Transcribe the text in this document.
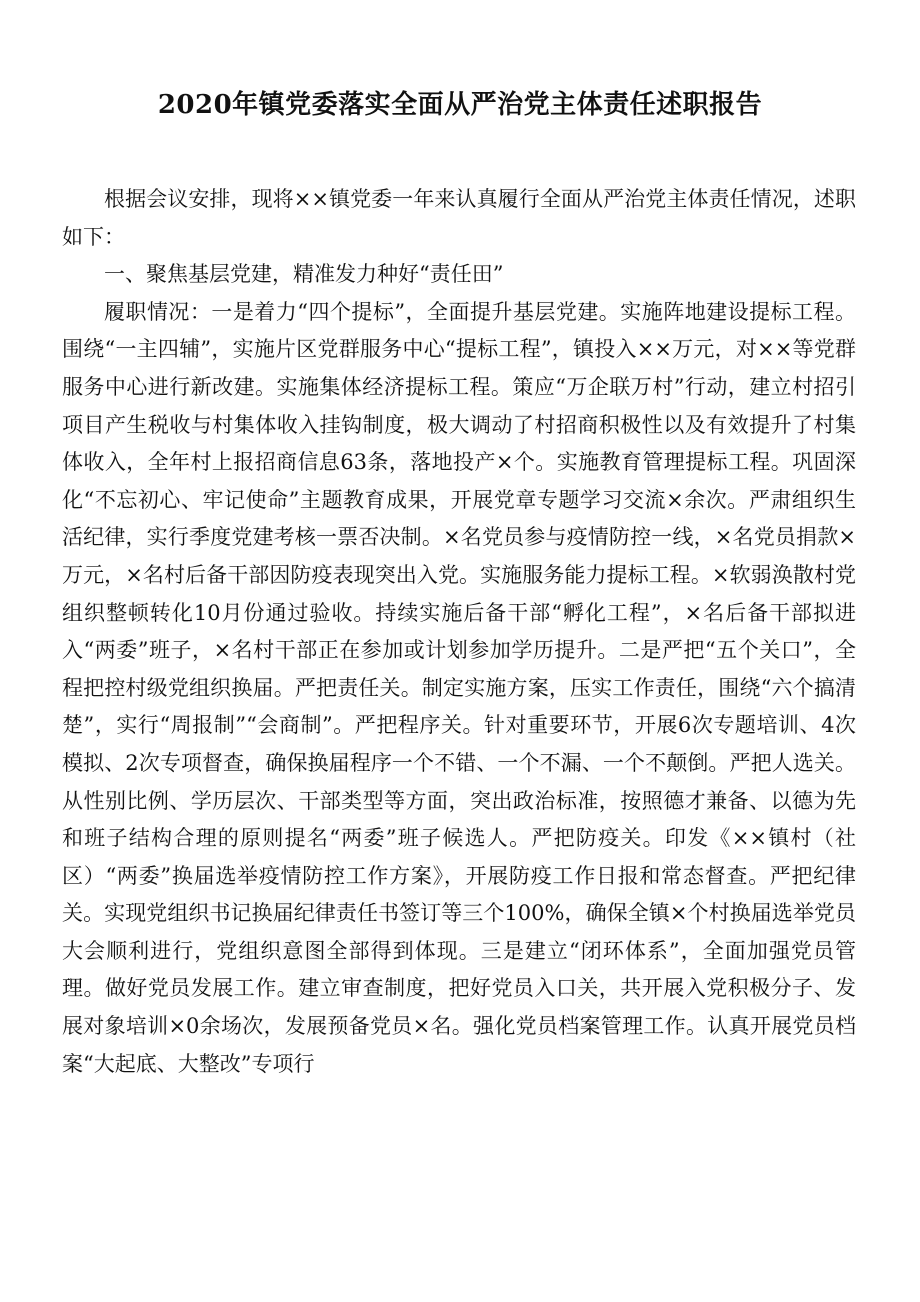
2020年镇党委落实全面从严治党主体责任述职报告

根据会议安排，现将××镇党委一年来认真履行全面从严治党主体责任情况，述职如下：

一、聚焦基层党建，精准发力种好“责任田”

履职情况：一是着力“四个提标”，全面提升基层党建。实施阵地建设提标工程。围绕“一主四辅”，实施片区党群服务中心“提标工程”，镇投入××万元，对××等党群服务中心进行新改建。实施集体经济提标工程。策应“万企联万村”行动，建立村招引项目产生税收与村集体收入挂钩制度，极大调动了村招商积极性以及有效提升了村集体收入，全年村上报招商信息63条，落地投产×个。实施教育管理提标工程。巩固深化“不忘初心、牢记使命”主题教育成果，开展党章专题学习交流×余次。严肃组织生活纪律，实行季度党建考核一票否决制。×名党员参与疫情防控一线，×名党员捐款×万元，×名村后备干部因防疫表现突出入党。实施服务能力提标工程。×软弱涣散村党组织整顿转化10月份通过验收。持续实施后备干部“孵化工程”，×名后备干部拟进入“两委”班子，×名村干部正在参加或计划参加学历提升。二是严把“五个关口”，全程把控村级党组织换届。严把责任关。制定实施方案，压实工作责任，围绕“六个搞清楚”，实行“周报制”“会商制”。严把程序关。针对重要环节，开展6次专题培训、4次模拟、2次专项督查，确保换届程序一个不错、一个不漏、一个不颠倒。严把人选关。从性别比例、学历层次、干部类型等方面，突出政治标准，按照德才兼备、以德为先和班子结构合理的原则提名“两委”班子候选人。严把防疫关。印发《××镇村（社区）“两委”换届选举疫情防控工作方案》，开展防疫工作日报和常态督查。严把纪律关。实现党组织书记换届纪律责任书签订等三个100%，确保全镇×个村换届选举党员大会顺利进行，党组织意图全部得到体现。三是建立“闭环体系”，全面加强党员管理。做好党员发展工作。建立审查制度，把好党员入口关，共开展入党积极分子、发展对象培训×0余场次，发展预备党员×名。强化党员档案管理工作。认真开展党员档案“大起底、大整改”专项行
